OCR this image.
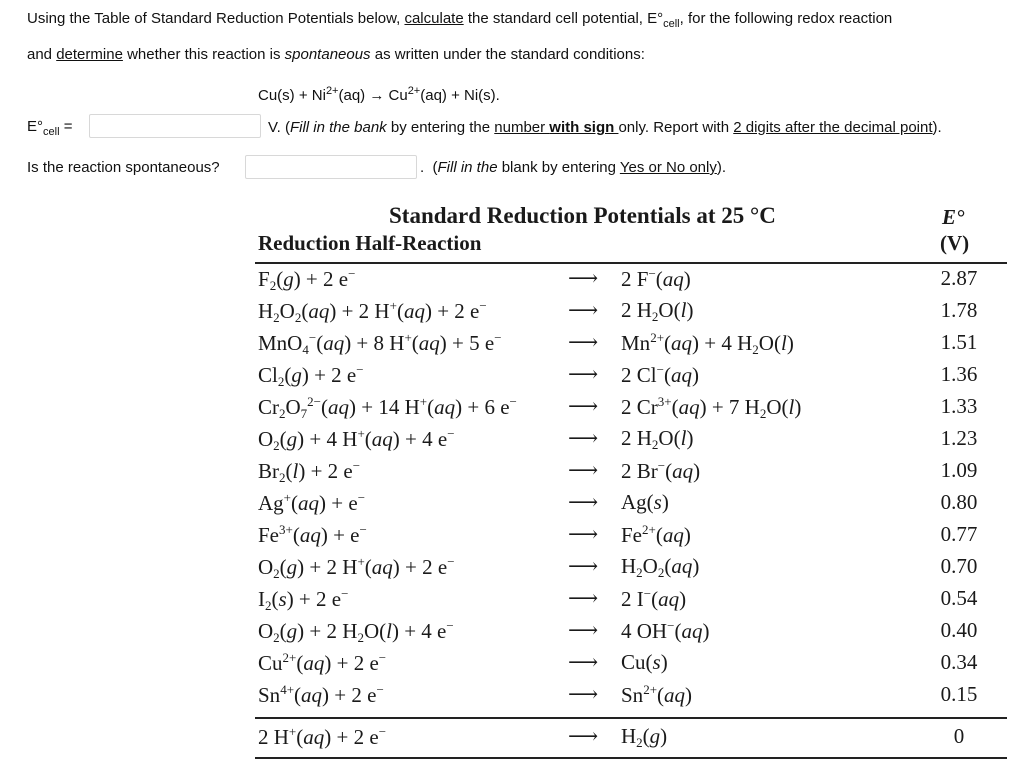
Using the Table of Standard Reduction Potentials below, calculate the standard cell potential, $E^\circ_{cell}$, for the following redox reaction
and determine whether this reaction is spontaneous as written under the standard conditions:
$Cu(s) + Ni^{2+}(aq) \to Cu^{2+}(aq) + Ni(s)$.
$E^\circ_{cell}$ =	V. (Fill in the bank by entering the number with sign only. Report with 2 digits after the decimal point).
Is the reaction spontaneous?	. (Fill in the blank by entering Yes or No only).
Standard Reduction Potentials at 25 °C
Reduction Half-Reaction
E°
(V)
$F_2(g) + 2$ e−	⟶ 2 F−(aq)	2.87
$H_2O_2(aq) + 2$ H+(aq) + 2 e−	⟶ 2 $H_2O(l)$	1.78
MnO$_4$−(aq) + 8 H+(aq) + 5 e−	⟶ $Mn^{2+}(aq) + 4$ $H_2O(l)$	1.51
$Cl_2(g) + 2$ e−	⟶ 2 Cl−(aq)	1.36
$Cr_2O_7^{2-}(aq) + 14$ H+(aq) + 6 e− ⟶ 2 $Cr^{3+}(aq) + 7$ $H_2O(l)$	1.33
$O_2(g) + 4$ H+(aq) + 4 e−	⟶ 2 $H_2O(l)$	1.23
$Br_2(l) + 2$ e−	⟶ 2 Br−(aq)	1.09
Ag+(aq) + e−	⟶ Ag(s)	0.80
$Fe^{3+}(aq) + e^-$	⟶ $Fe^{2+}(aq)$	0.77
$O_2(g) + 2$ H+(aq) + 2 e−	⟶ $H_2O_2(aq)$	0.70
$I_2(s) + 2$ e−	⟶ 2 I−(aq)	0.54
$O_2(g) + 2$ $H_2O(l) + 4$ e−	⟶ 4 OH−(aq)	0.40
$Cu^{2+}(aq) + 2$ e−	⟶ Cu(s)	0.34
$Sn^{4+}(aq) + 2$ e−	⟶ $Sn^{2+}(aq)$	0.15
2 H+(aq) + 2 e−	⟶ $H_2(g)$	0
